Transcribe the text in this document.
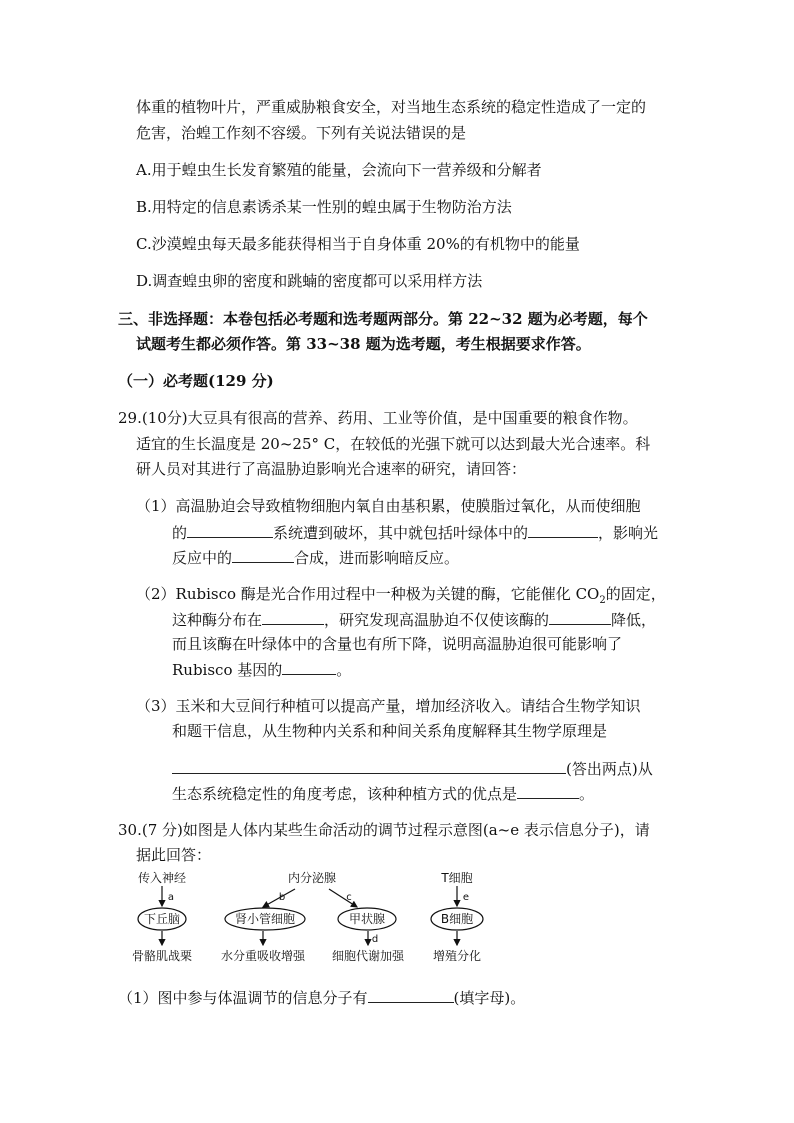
体重的植物叶片，严重威胁粮食安全，对当地生态系统的稳定性造成了一定的
危害，治蝗工作刻不容缓。下列有关说法错误的是
A.用于蝗虫生长发育繁殖的能量，会流向下一营养级和分解者
B.用特定的信息素诱杀某一性别的蝗虫属于生物防治方法
C.沙漠蝗虫每天最多能获得相当于自身体重 20%的有机物中的能量
D.调查蝗虫卵的密度和跳蝻的密度都可以采用样方法
三、非选择题：本卷包括必考题和选考题两部分。第 22~32 题为必考题，每个
试题考生都必须作答。第 33~38 题为选考题，考生根据要求作答。
（一）必考题(129 分)
29.(10分)大豆具有很高的营养、药用、工业等价值，是中国重要的粮食作物。
适宜的生长温度是 20~25° C，在较低的光强下就可以达到最大光合速率。科
研人员对其进行了高温胁迫影响光合速率的研究，请回答：
（1）高温胁迫会导致植物细胞内氧自由基积累，使膜脂过氧化，从而使细胞
的	系统遭到破坏，其中就包括叶绿体中的	，影响光
反应中的	合成，进而影响暗反应。
（2）Rubisco 酶是光合作用过程中一种极为关键的酶，它能催化 $CO_2$的固定，
这种酶分布在	，研究发现高温胁迫不仅使该酶的	降低，
而且该酶在叶绿体中的含量也有所下降，说明高温胁迫很可能影响了
Rubisco 基因的	。
（3）玉米和大豆间行种植可以提高产量，增加经济收入。请结合生物学知识
和题干信息，从生物种内关系和种间关系角度解释其生物学原理是
(答出两点)从
生态系统稳定性的角度考虑，该种种植方式的优点是	。
30.(7 分)如图是人体内某些生命活动的调节过程示意图(a~e 表示信息分子)，请
据此回答：
传入神经
a
下丘脑
骨骼肌战栗
内分泌腺
b	c
肾小管细胞
水分重吸收增强
甲状腺
d
细胞代谢加强
T细胞
e
B细胞
增殖分化
（1）图中参与体温调节的信息分子有	(填字母)。
